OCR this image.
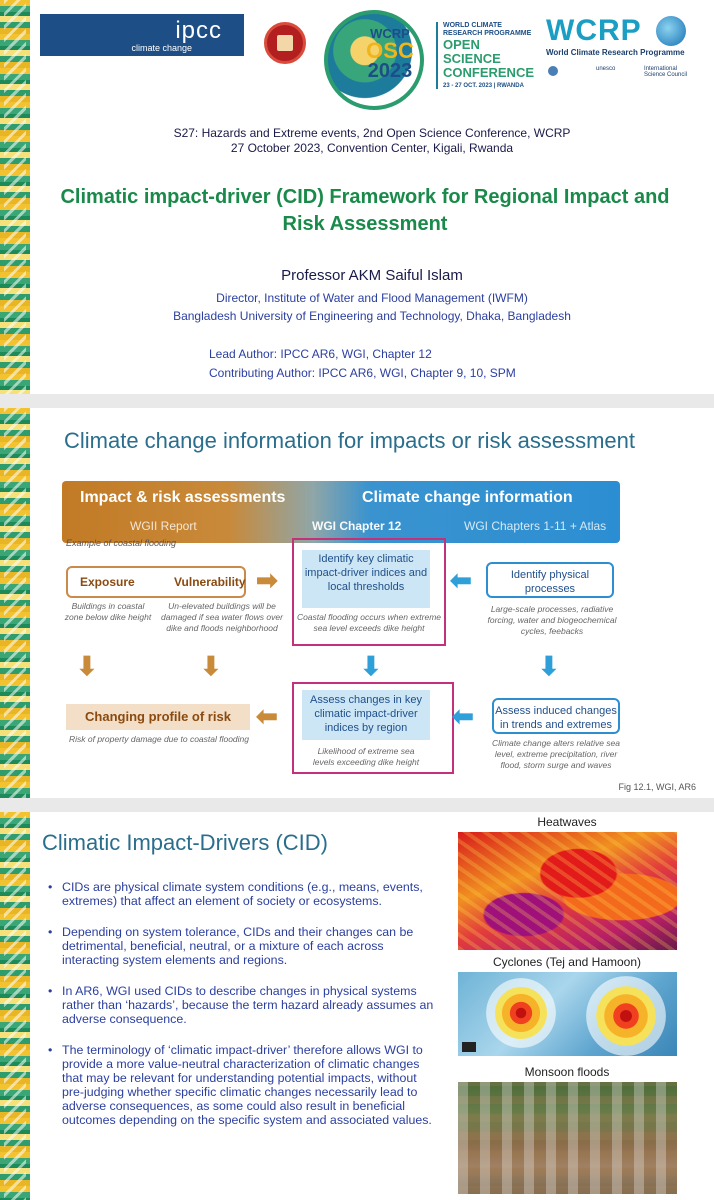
ipcc
climate change
WCRP
OSC
2023
WORLD CLIMATE RESEARCH PROGRAMME
OPEN SCIENCE
CONFERENCE
23 - 27 OCT. 2023 | RWANDA
WCRP
World Climate Research Programme
unesco	International Science Council
S27: Hazards and Extreme events, 2nd Open Science Conference, WCRP
27 October 2023, Convention Center, Kigali, Rwanda
Climatic impact-driver (CID) Framework for Regional Impact and Risk Assessment
Professor AKM Saiful Islam
Director, Institute of Water and Flood Management (IWFM)
Bangladesh University of Engineering and Technology, Dhaka, Bangladesh
Lead Author: IPCC AR6, WGI, Chapter 12
Contributing Author: IPCC AR6, WGI, Chapter 9, 10, SPM
Climate change information for impacts or risk assessment
Impact & risk assessments	Climate change information
WGII Report	WGI Chapter 12	WGI Chapters 1-11 + Atlas
Example of coastal flooding
Exposure	Vulnerability
Buildings in coastal zone below dike height
Un-elevated buildings will be damaged if sea water flows over dike and floods neighborhood
➡
Identify key climatic impact-driver indices and local thresholds
Coastal flooding occurs when extreme sea level exceeds dike height
⬅	Identify physical processes
Large-scale processes, radiative forcing, water and biogeochemical cycles, feebacks
⬇	⬇	⬇	⬇
Changing profile of risk
Risk of property damage due to coastal flooding
⬅
Assess changes in key climatic impact-driver indices by region
Likelihood of extreme sea levels exceeding dike height
⬅ Assess induced changes in trends and extremes
Climate change alters relative sea level, extreme precipitation, river flood, storm surge and waves
Fig 12.1, WGI, AR6
Climatic Impact-Drivers (CID)
• CIDs are physical climate system conditions (e.g., means, events, extremes) that affect an element of society or ecosystems.
• Depending on system tolerance, CIDs and their changes can be detrimental, beneficial, neutral, or a mixture of each across interacting system elements and regions.
• In AR6, WGI used CIDs to describe changes in physical systems rather than ‘hazards’, because the term hazard already assumes an adverse consequence.
• The terminology of ‘climatic impact-driver’ therefore allows WGI to provide a more value-neutral characterization of climatic changes that may be relevant for understanding potential impacts, without pre-judging whether specific climatic changes necessarily lead to adverse consequences, as some could also result in beneficial outcomes depending on the specific system and associated values.
Heatwaves
Cyclones (Tej and Hamoon)
Monsoon floods
